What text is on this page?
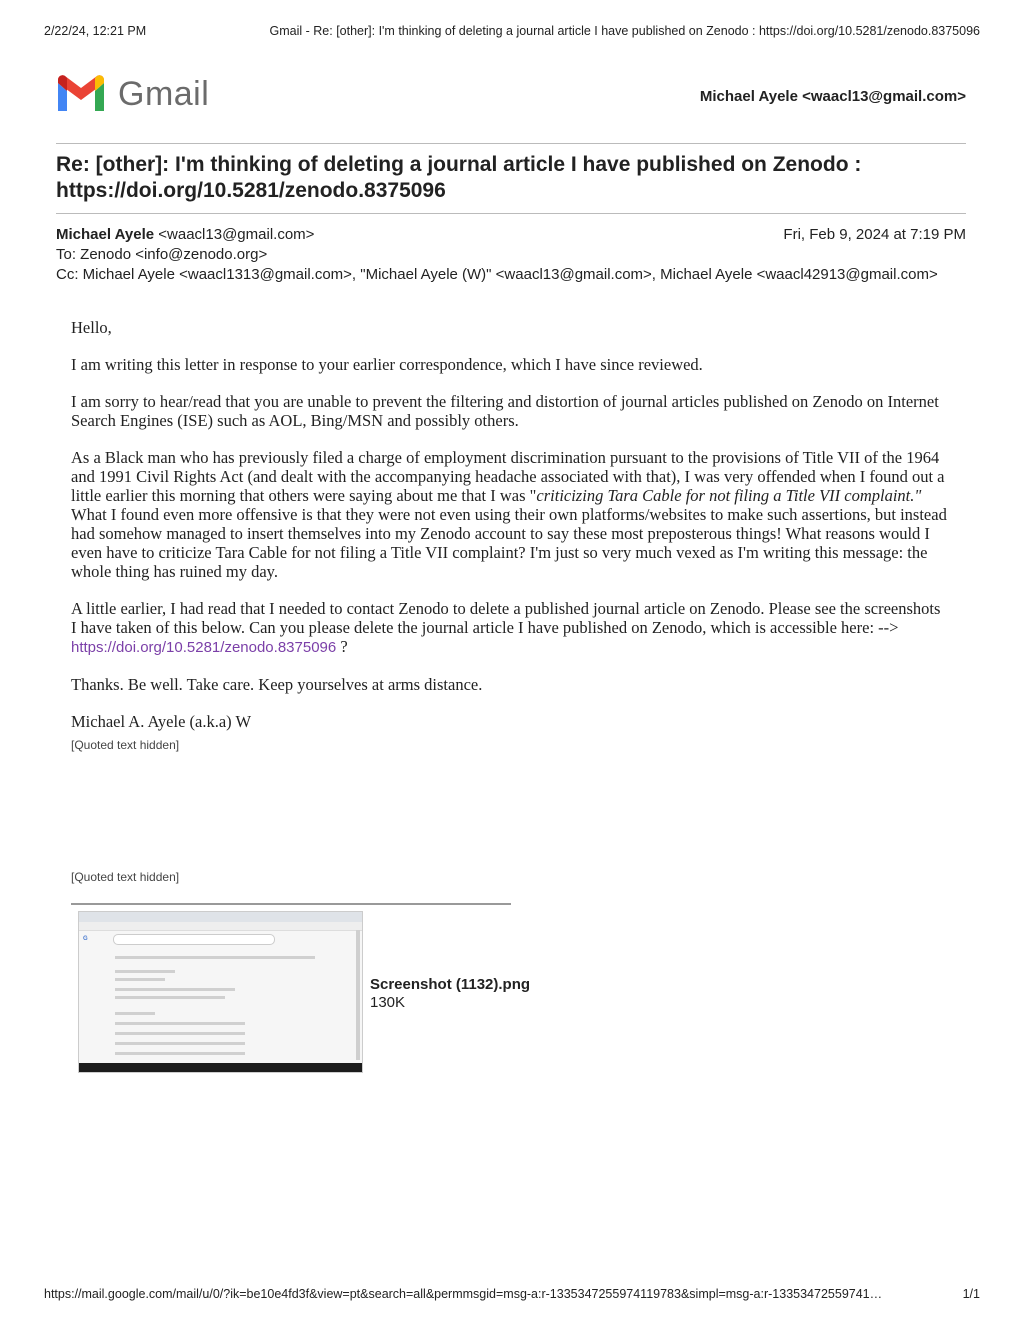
2/22/24, 12:21 PM	Gmail - Re: [other]: I'm thinking of deleting a journal article I have published on Zenodo : https://doi.org/10.5281/zenodo.8375096
Gmail	Michael Ayele <waacl13@gmail.com>
Re: [other]: I'm thinking of deleting a journal article I have published on Zenodo : https://doi.org/10.5281/zenodo.8375096
Michael Ayele <waacl13@gmail.com>	Fri, Feb 9, 2024 at 7:19 PM
To: Zenodo <info@zenodo.org>
Cc: Michael Ayele <waacl1313@gmail.com>, "Michael Ayele (W)" <waacl13@gmail.com>, Michael Ayele <waacl42913@gmail.com>

Hello,

I am writing this letter in response to your earlier correspondence, which I have since reviewed.

I am sorry to hear/read that you are unable to prevent the filtering and distortion of journal articles published on Zenodo on Internet Search Engines (ISE) such as AOL, Bing/MSN and possibly others.

As a Black man who has previously filed a charge of employment discrimination pursuant to the provisions of Title VII of the 1964 and 1991 Civil Rights Act (and dealt with the accompanying headache associated with that), I was very offended when I found out a little earlier this morning that others were saying about me that I was "criticizing Tara Cable for not filing a Title VII complaint." What I found even more offensive is that they were not even using their own platforms/websites to make such assertions, but instead had somehow managed to insert themselves into my Zenodo account to say these most preposterous things! What reasons would I even have to criticize Tara Cable for not filing a Title VII complaint? I'm just so very much vexed as I'm writing this message: the whole thing has ruined my day.

A little earlier, I had read that I needed to contact Zenodo to delete a published journal article on Zenodo. Please see the screenshots I have taken of this below. Can you please delete the journal article I have published on Zenodo, which is accessible here: --> https://doi.org/10.5281/zenodo.8375096 ?

Thanks. Be well. Take care. Keep yourselves at arms distance.

Michael A. Ayele (a.k.a) W

[Quoted text hidden]
[Quoted text hidden]
G
Screenshot (1132).png
130K
https://mail.google.com/mail/u/0/?ik=be10e4fd3f&view=pt&search=all&permmsgid=msg-a:r-1335347255974119783&simpl=msg-a:r-13353472559741…	1/1
